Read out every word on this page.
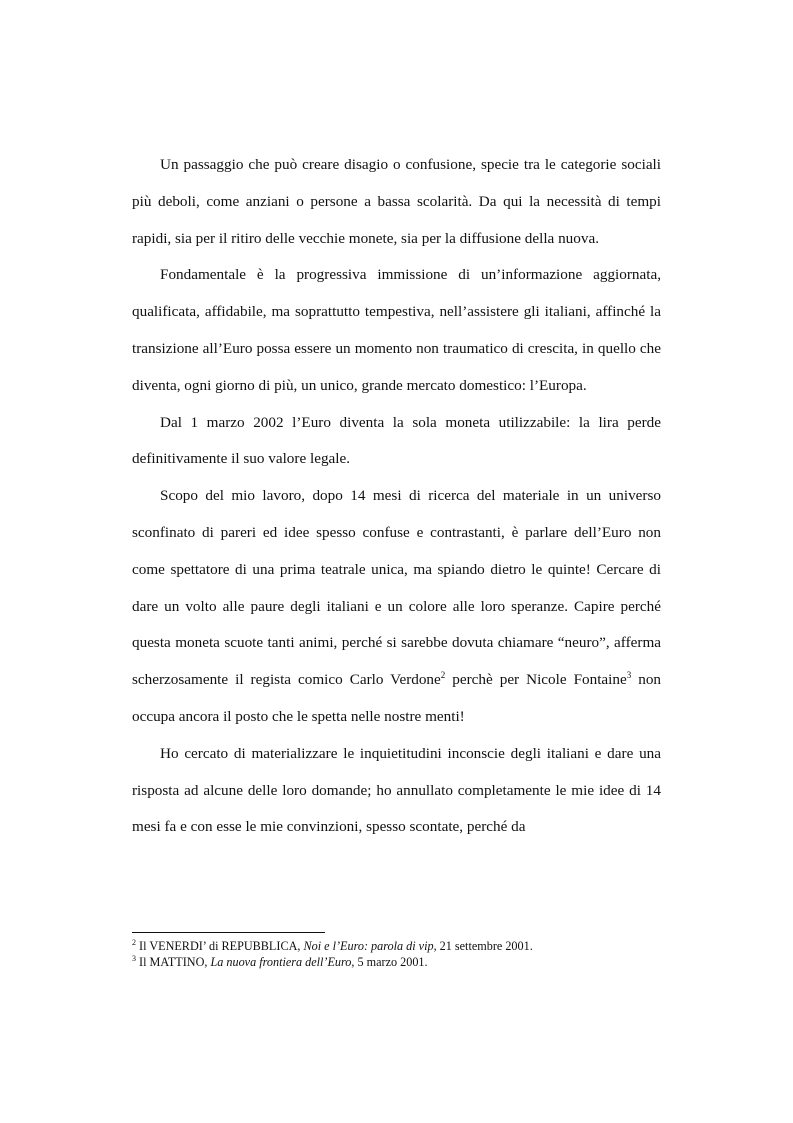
Un passaggio che può creare disagio o confusione, specie tra le categorie sociali più deboli, come anziani o persone a bassa scolarità. Da qui la necessità di tempi rapidi, sia per il ritiro delle vecchie monete, sia per la diffusione della nuova.

Fondamentale è la progressiva immissione di un’informazione aggiornata, qualificata, affidabile, ma soprattutto tempestiva, nell’assistere gli italiani, affinché la transizione all’Euro possa essere un momento non traumatico di crescita, in quello che diventa, ogni giorno di più, un unico, grande mercato domestico: l’Europa.

Dal 1 marzo 2002 l’Euro diventa la sola moneta utilizzabile: la lira perde definitivamente il suo valore legale.

Scopo del mio lavoro, dopo 14 mesi di ricerca del materiale in un universo sconfinato di pareri ed idee spesso confuse e contrastanti, è parlare dell’Euro non come spettatore di una prima teatrale unica, ma spiando dietro le quinte! Cercare di dare un volto alle paure degli italiani e un colore alle loro speranze. Capire perché questa moneta scuote tanti animi, perché si sarebbe dovuta chiamare “neuro”, afferma scherzosamente il regista comico Carlo Verdone$^2$ perchè per Nicole Fontaine$^3$ non occupa ancora il posto che le spetta nelle nostre menti!

Ho cercato di materializzare le inquietitudini inconscie degli italiani e dare una risposta ad alcune delle loro domande; ho annullato completamente le mie idee di 14 mesi fa e con esse le mie convinzioni, spesso scontate, perché da

$^2$ Il VENERDI’ di REPUBBLICA, Noi e l’Euro: parola di vip, 21 settembre 2001.

$^3$ Il MATTINO, La nuova frontiera dell’Euro, 5 marzo 2001.
